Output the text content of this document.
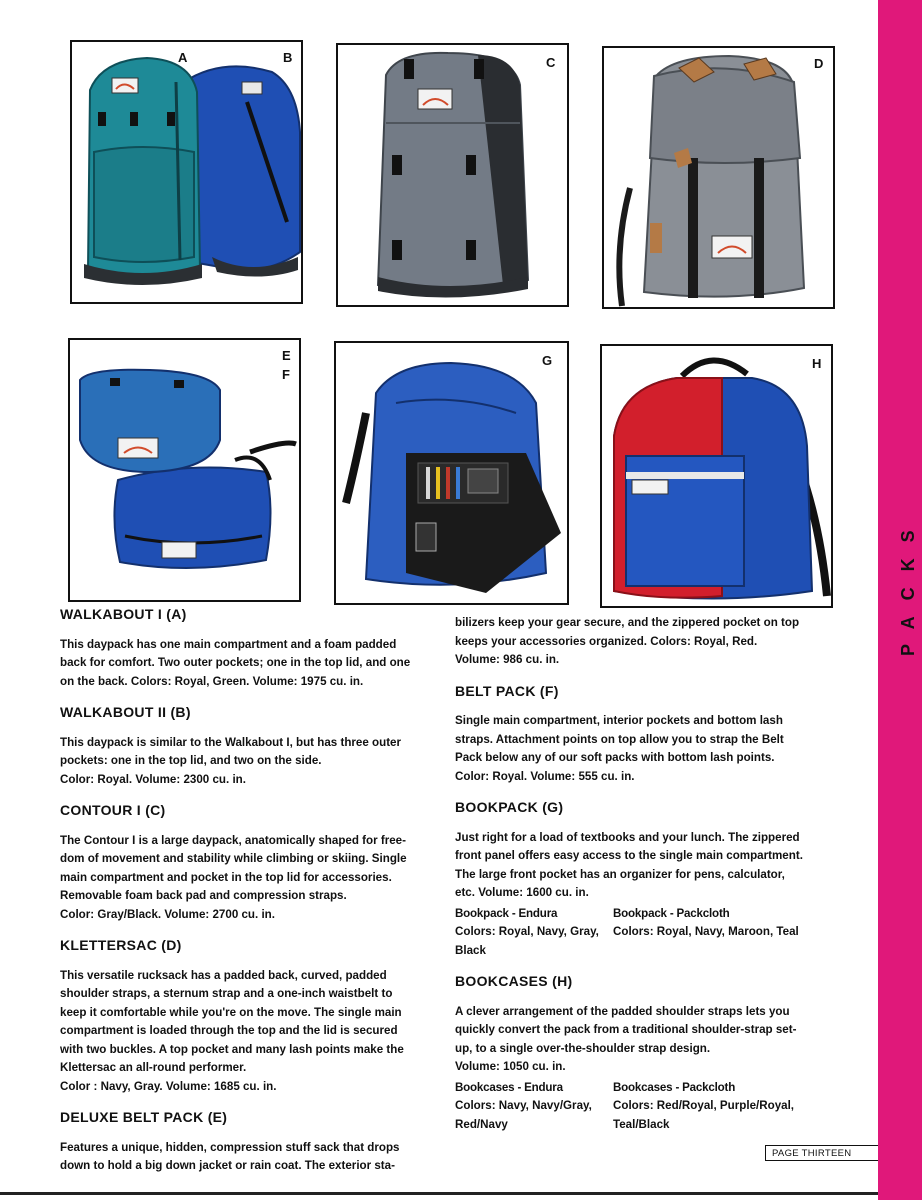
PACKS
A	B	C	D
E
F
G	H
WALKABOUT I (A)

This daypack has one main compartment and a foam padded

back for comfort. Two outer pockets; one in the top lid, and one

on the back. Colors: Royal, Green. Volume: 1975 cu. in.

WALKABOUT II (B)

This daypack is similar to the Walkabout I, but has three outer

pockets: one in the top lid, and two on the side.

Color: Royal. Volume: 2300 cu. in.

CONTOUR I (C)

The Contour I is a large daypack, anatomically shaped for free-

dom of movement and stability while climbing or skiing. Single

main compartment and pocket in the top lid for accessories.

Removable foam back pad and compression straps.

Color: Gray/Black. Volume: 2700 cu. in.

KLETTERSAC (D)

This versatile rucksack has a padded back, curved, padded

shoulder straps, a sternum strap and a one-inch waistbelt to

keep it comfortable while you're on the move. The single main

compartment is loaded through the top and the lid is secured

with two buckles. A top pocket and many lash points make the

Klettersac an all-round performer.

Color : Navy, Gray. Volume: 1685 cu. in.

DELUXE BELT PACK (E)

Features a unique, hidden, compression stuff sack that drops

down to hold a big down jacket or rain coat. The exterior sta-

bilizers keep your gear secure, and the zippered pocket on top

keeps your accessories organized. Colors: Royal, Red.

Volume: 986 cu. in.

BELT PACK (F)

Single main compartment, interior pockets and bottom lash

straps. Attachment points on top allow you to strap the Belt

Pack below any of our soft packs with bottom lash points.

Color: Royal. Volume: 555 cu. in.

BOOKPACK (G)

Just right for a load of textbooks and your lunch. The zippered

front panel offers easy access to the single main compartment.

The large front pocket has an organizer for pens, calculator,

etc. Volume: 1600 cu. in.

Bookpack - Endura

Colors: Royal, Navy, Gray, Black

Bookpack - Packcloth

Colors: Royal, Navy, Maroon, Teal

BOOKCASES (H)

A clever arrangement of the padded shoulder straps lets you

quickly convert the pack from a traditional shoulder-strap set-

up, to a single over-the-shoulder strap design.

Volume: 1050 cu. in.

Bookcases - Endura

Colors: Navy, Navy/Gray, Red/Navy

Bookcases - Packcloth

Colors: Red/Royal, Purple/Royal, Teal/Black

PAGE THIRTEEN
